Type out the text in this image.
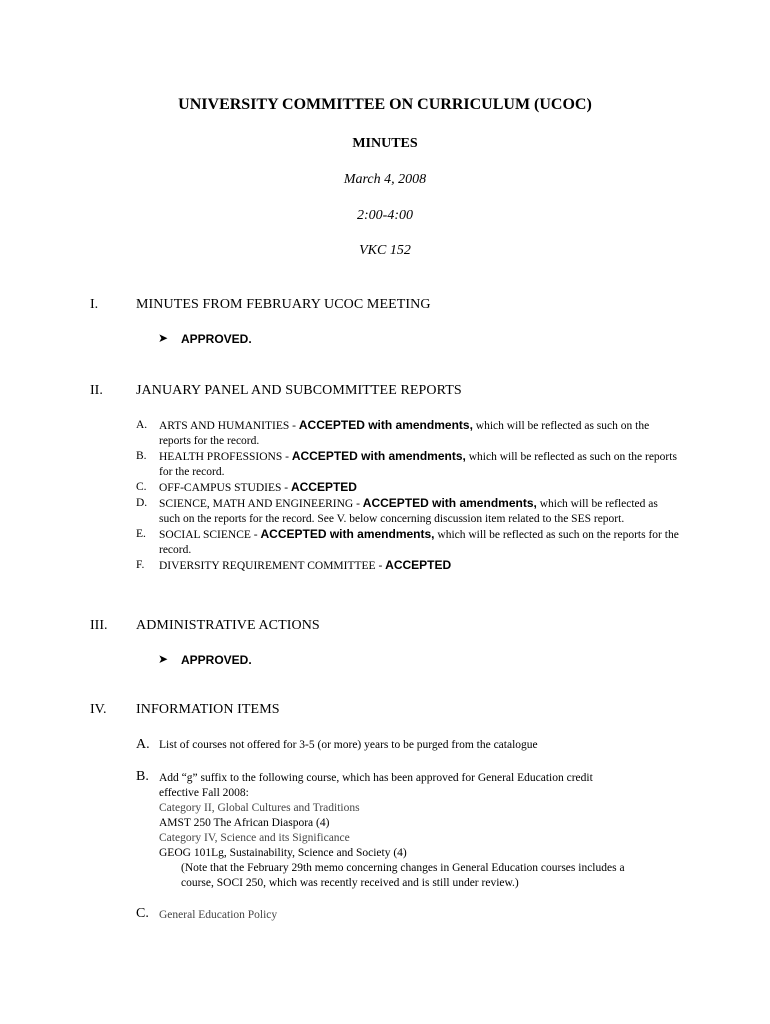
UNIVERSITY COMMITTEE ON CURRICULUM (UCOC)
MINUTES
March 4, 2008
2:00-4:00
VKC 152
I.	MINUTES FROM FEBRUARY UCOC MEETING
➤ APPROVED.
II. JANUARY PANEL AND SUBCOMMITTEE REPORTS
A.	ARTS AND HUMANITIES - ACCEPTED with amendments, which will be reflected as such on the reports for the record.
B.	HEALTH PROFESSIONS - ACCEPTED with amendments, which will be reflected as such on the reports for the record.
C.	OFF-CAMPUS STUDIES - ACCEPTED
D.	SCIENCE, MATH AND ENGINEERING - ACCEPTED with amendments, which will be reflected as such on the reports for the record. See V. below concerning discussion item related to the SES report.
E.	SOCIAL SCIENCE - ACCEPTED with amendments, which will be reflected as such on the reports for the record.
F.	DIVERSITY REQUIREMENT COMMITTEE - ACCEPTED
III. ADMINISTRATIVE ACTIONS
➤ APPROVED.
IV. INFORMATION ITEMS
A. List of courses not offered for 3-5 (or more) years to be purged from the catalogue
B. Add “g” suffix to the following course, which has been approved for General Education credit
effective Fall 2008:
Category II, Global Cultures and Traditions
AMST 250 The African Diaspora (4)
Category IV, Science and its Significance
GEOG 101Lg, Sustainability, Science and Society (4)
(Note that the February 29th memo concerning changes in General Education courses includes a
course, SOCI 250, which was recently received and is still under review.)
C. General Education Policy
